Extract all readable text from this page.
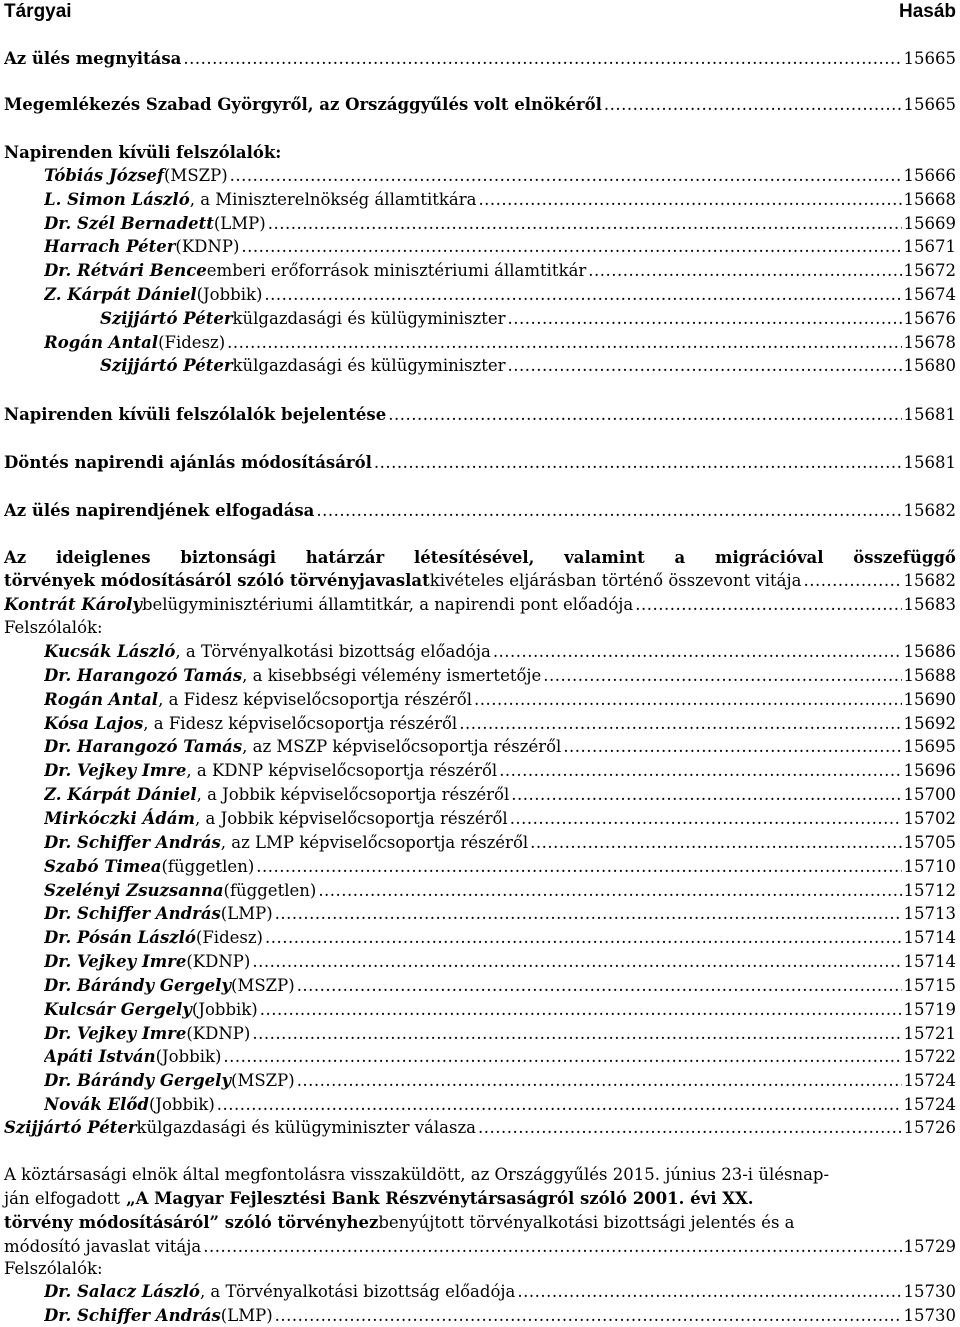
Tárgyai	Hasáb
Az ülés megnyitása .....	15665
Megemlékezés Szabad Györgyről, az Országgyűlés volt elnökéről .....	15665
Napirenden kívüli felszólalók:
Tóbiás József (MSZP) .....	15666
L. Simon László , a Miniszterelnökség államtitkára .....	15668
Dr. Szél Bernadett (LMP) .....	15669
Harrach Péter (KDNP) .....	15671
Dr. Rétvári Bence emberi erőforrások minisztériumi államtitkár .....	15672
Z. Kárpát Dániel (Jobbik) .....	15674
Szijjártó Péter külgazdasági és külügyminiszter .....	15676
Rogán Antal (Fidesz) .....	15678
Szijjártó Péter külgazdasági és külügyminiszter .....	15680
Napirenden kívüli felszólalók bejelentése .....	15681
Döntés napirendi ajánlás módosításáról .....	15681
Az ülés napirendjének elfogadása .....	15682
Az ideiglenes biztonsági határzár létesítésével, valamint a migrációval összefüggő
törvények módosításáról szóló törvényjavaslat kivételes eljárásban történő összevont vitája .....	15682
Kontrát Károly belügyminisztériumi államtitkár, a napirendi pont előadója .....	15683
Felszólalók:
Kucsák László , a Törvényalkotási bizottság előadója .....	15686
Dr. Harangozó Tamás , a kisebbségi vélemény ismertetője .....	15688
Rogán Antal , a Fidesz képviselőcsoportja részéről .....	15690
Kósa Lajos , a Fidesz képviselőcsoportja részéről .....	15692
Dr. Harangozó Tamás , az MSZP képviselőcsoportja részéről .....	15695
Dr. Vejkey Imre , a KDNP képviselőcsoportja részéről .....	15696
Z. Kárpát Dániel , a Jobbik képviselőcsoportja részéről .....	15700
Mirkóczki Ádám , a Jobbik képviselőcsoportja részéről .....	15702
Dr. Schiffer András , az LMP képviselőcsoportja részéről .....	15705
Szabó Timea (független) .....	15710
Szelényi Zsuzsanna (független) .....	15712
Dr. Schiffer András (LMP) .....	15713
Dr. Pósán László (Fidesz) .....	15714
Dr. Vejkey Imre (KDNP) .....	15714
Dr. Bárándy Gergely (MSZP) .....	15715
Kulcsár Gergely (Jobbik) .....	15719
Dr. Vejkey Imre (KDNP) .....	15721
Apáti István (Jobbik) .....	15722
Dr. Bárándy Gergely (MSZP) .....	15724
Novák Előd (Jobbik) .....	15724
Szijjártó Péter külgazdasági és külügyminiszter válasza .....	15726
A köztársasági elnök által megfontolásra visszaküldött, az Országgyűlés 2015. június 23-i ülésnap-
ján elfogadott „A Magyar Fejlesztési Bank Részvénytársaságról szóló 2001. évi XX.
törvény módosításáról” szóló törvényhez benyújtott törvényalkotási bizottsági jelentés és a
módosító javaslat vitája .....	15729
Felszólalók:
Dr. Salacz László , a Törvényalkotási bizottság előadója .....	15730
Dr. Schiffer András (LMP) .....	15730
